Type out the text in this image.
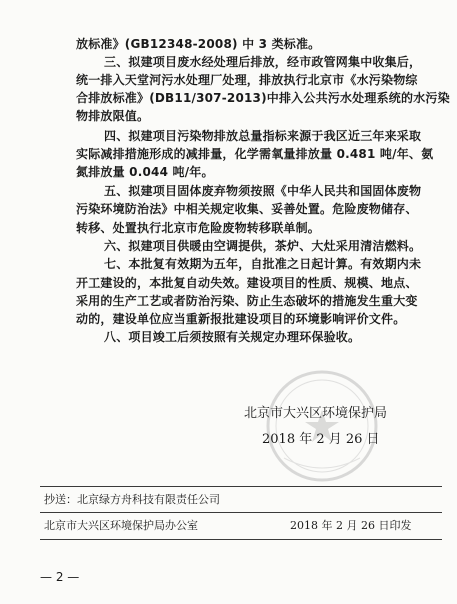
放标准》(GB12348-2008) 中 3 类标准。
三、拟建项目废水经处理后排放，经市政管网集中收集后，
统一排入天堂河污水处理厂处理，排放执行北京市《水污染物综
合排放标准》(DB11/307-2013)中排入公共污水处理系统的水污染
物排放限值。
四、拟建项目污染物排放总量指标来源于我区近三年来采取
实际减排措施形成的减排量，化学需氧量排放量 0.481 吨/年、氨
氮排放量 0.044 吨/年。
五、拟建项目固体废弃物须按照《中华人民共和国固体废物
污染环境防治法》中相关规定收集、妥善处置。危险废物储存、
转移、处置执行北京市危险废物转移联单制。
六、拟建项目供暖由空调提供，茶炉、大灶采用清洁燃料。
七、本批复有效期为五年，自批准之日起计算。有效期内未
开工建设的，本批复自动失效。建设项目的性质、规模、地点、
采用的生产工艺或者防治污染、防止生态破坏的措施发生重大变
动的，建设单位应当重新报批建设项目的环境影响评价文件。
八、项目竣工后须按照有关规定办理环保验收。
北京市大兴区环境保护局
2018 年 2 月 26 日
抄送：北京绿方舟科技有限责任公司
北京市大兴区环境保护局办公室	2018 年 2 月 26 日印发
— 2 —
